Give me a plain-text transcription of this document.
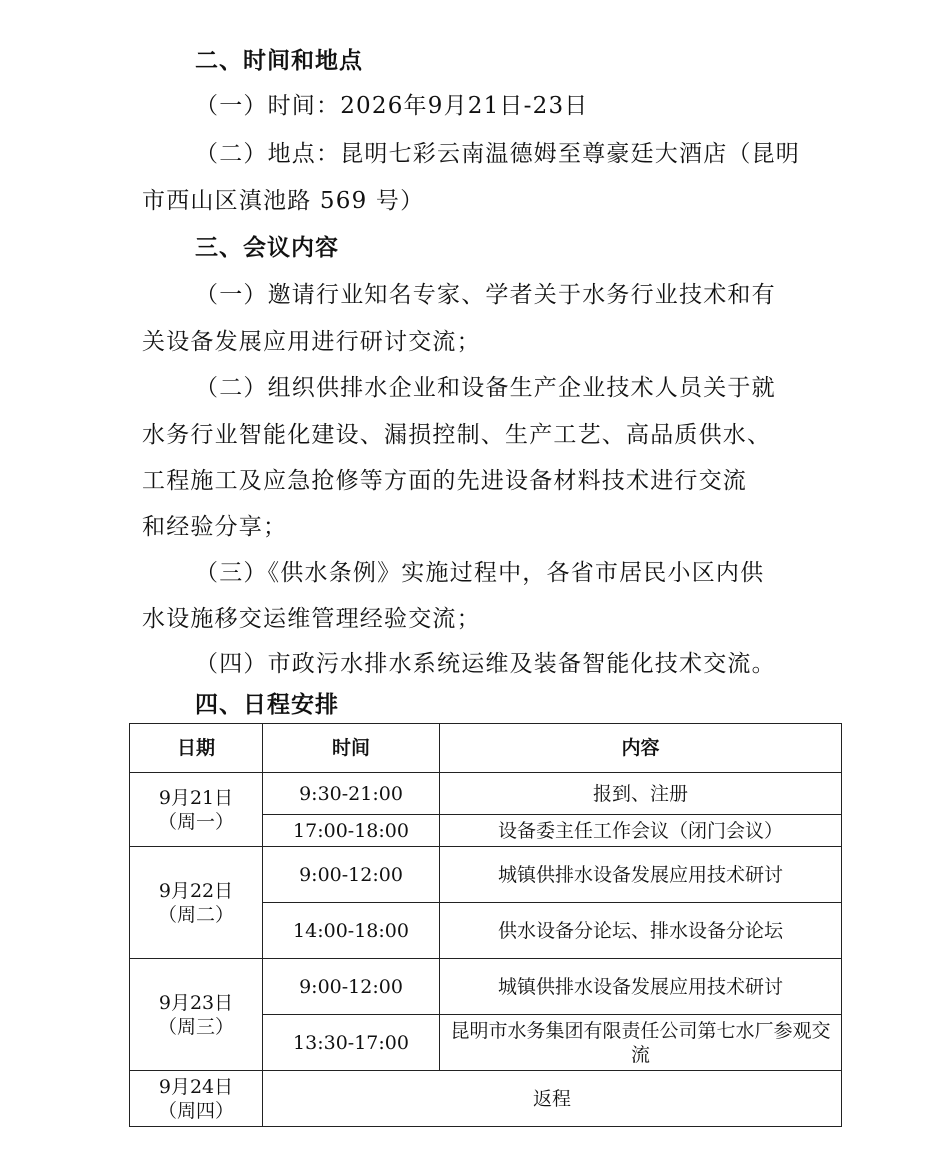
二、时间和地点
（一）时间：2026年9月21日-23日
（二）地点：昆明七彩云南温德姆至尊豪廷大酒店（昆明
市西山区滇池路 569 号）
三、会议内容
（一）邀请行业知名专家、学者关于水务行业技术和有
关设备发展应用进行研讨交流；
（二）组织供排水企业和设备生产企业技术人员关于就
水务行业智能化建设、漏损控制、生产工艺、高品质供水、
工程施工及应急抢修等方面的先进设备材料技术进行交流
和经验分享；
（三）《供水条例》实施过程中，各省市居民小区内供
水设施移交运维管理经验交流；
（四）市政污水排水系统运维及装备智能化技术交流。
四、日程安排
日期	时间	内容

9月21日
（周一）	9:30-21:00	报到、注册
	17:00-18:00	设备委主任工作会议（闭门会议）

9月22日
（周二）	9:00-12:00	城镇供排水设备发展应用技术研讨
	14:00-18:00	供水设备分论坛、排水设备分论坛

9月23日
（周三）	9:00-12:00	城镇供排水设备发展应用技术研讨
	13:30-17:00	昆明市水务集团有限责任公司第七水厂参观交流

9月24日
（周四）	返程	
